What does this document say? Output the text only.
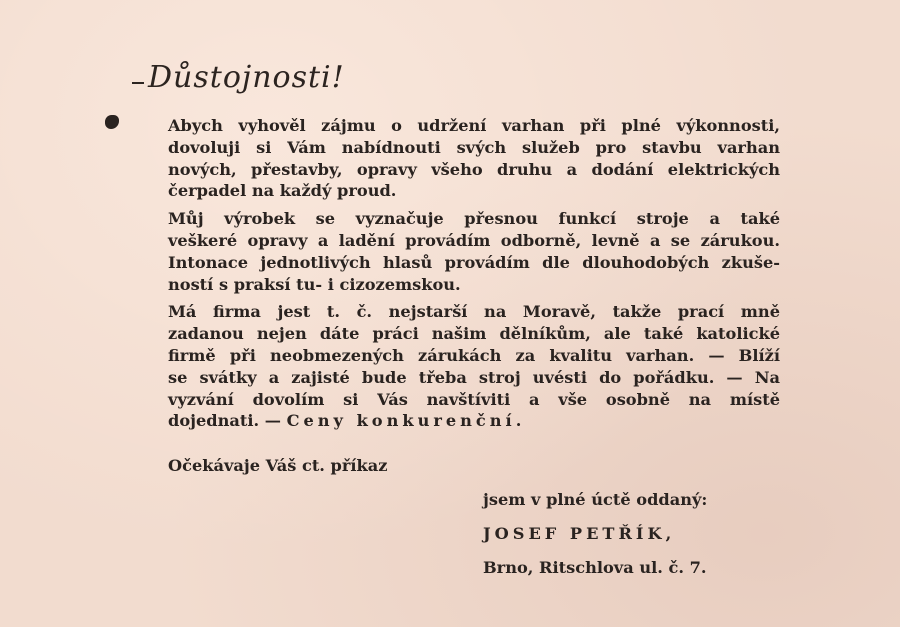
Důstojnosti!

Abych vyhověl zájmu o udržení varhan při plné výkonnosti,
dovoluji si Vám nabídnouti svých služeb pro stavbu varhan
nových, přestavby, opravy všeho druhu a dodání elektrických
čerpadel na každý proud.

Můj výrobek se vyznačuje přesnou funkcí stroje a také
veškeré opravy a ladění provádím odborně, levně a se zárukou.
Intonace jednotlivých hlasů provádím dle dlouhodobých zkuše-
ností s praksí tu- i cizozemskou.

Má firma jest t. č. nejstarší na Moravě, takže prací mně
zadanou nejen dáte práci našim dělníkům, ale také katolické
firmě při neobmezených zárukách za kvalitu varhan. — Blíží
se svátky a zajisté bude třeba stroj uvésti do pořádku. — Na
vyzvání dovolím si Vás navštíviti a vše osobně na místě
dojednati. — Ceny konkurenční.

Očekávaje Váš ct. příkaz
jsem v plné úctě oddaný:
JOSEF PETŘÍK,
Brno, Ritschlova ul. č. 7.
